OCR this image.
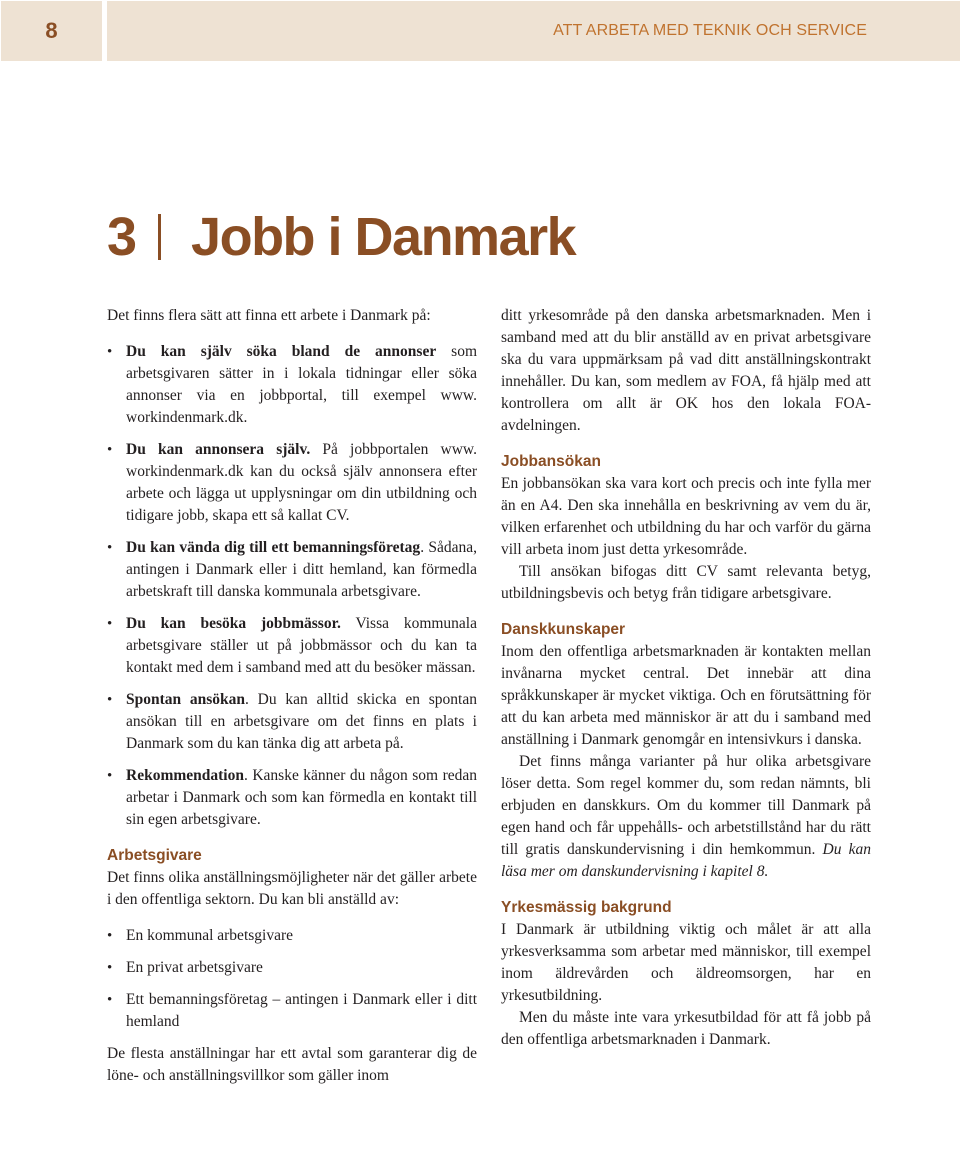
8	ATT ARBETA MED TEKNIK OCH SERVICE
3 Jobb i Danmark

Det finns flera sätt att finna ett arbete i Danmark på:

• Du kan själv söka bland de annonser som arbetsgivaren sätter in i lokala tidningar eller söka annonser via en jobbportal, till exempel www. workindenmark.dk.
• Du kan annonsera själv. På jobbportalen www. workindenmark.dk kan du också själv annonsera efter arbete och lägga ut upplysningar om din utbildning och tidigare jobb, skapa ett så kallat CV.
• Du kan vända dig till ett bemanningsföretag. Sådana, antingen i Danmark eller i ditt hemland, kan förmedla arbetskraft till danska kommunala arbetsgivare.
• Du kan besöka jobbmässor. Vissa kommunala arbetsgivare ställer ut på jobbmässor och du kan ta kontakt med dem i samband med att du besöker mässan.
• Spontan ansökan. Du kan alltid skicka en spontan ansökan till en arbetsgivare om det finns en plats i Danmark som du kan tänka dig att arbeta på.
• Rekommendation. Kanske känner du någon som redan arbetar i Danmark och som kan förmedla en kontakt till sin egen arbetsgivare.
Arbetsgivare

Det finns olika anställningsmöjligheter när det gäller arbete i den offentliga sektorn. Du kan bli anställd av:

• En kommunal arbetsgivare
• En privat arbetsgivare
• Ett bemanningsföretag – antingen i Danmark eller i ditt hemland

De flesta anställningar har ett avtal som garanterar dig de löne- och anställningsvillkor som gäller inom

ditt yrkesområde på den danska arbetsmarknaden. Men i samband med att du blir anställd av en privat arbetsgivare ska du vara uppmärksam på vad ditt anställningskontrakt innehåller. Du kan, som medlem av FOA, få hjälp med att kontrollera om allt är OK hos den lokala FOA-avdelningen.

Jobbansökan

En jobbansökan ska vara kort och precis och inte fylla mer än en A4. Den ska innehålla en beskrivning av vem du är, vilken erfarenhet och utbildning du har och varför du gärna vill arbeta inom just detta yrkesområde.

Till ansökan bifogas ditt CV samt relevanta betyg, utbildningsbevis och betyg från tidigare arbetsgivare.

Danskkunskaper

Inom den offentliga arbetsmarknaden är kontakten mellan invånarna mycket central. Det innebär att dina språkkunskaper är mycket viktiga. Och en förutsättning för att du kan arbeta med människor är att du i samband med anställning i Danmark genomgår en intensivkurs i danska.

Det finns många varianter på hur olika arbetsgivare löser detta. Som regel kommer du, som redan nämnts, bli erbjuden en danskkurs. Om du kommer till Danmark på egen hand och får uppehålls- och arbetstillstånd har du rätt till gratis danskundervisning i din hemkommun. Du kan läsa mer om danskundervisning i kapitel 8.

Yrkesmässig bakgrund

I Danmark är utbildning viktig och målet är att alla yrkesverksamma som arbetar med människor, till exempel inom äldrevården och äldreomsorgen, har en yrkesutbildning.

Men du måste inte vara yrkesutbildad för att få jobb på den offentliga arbetsmarknaden i Danmark.
